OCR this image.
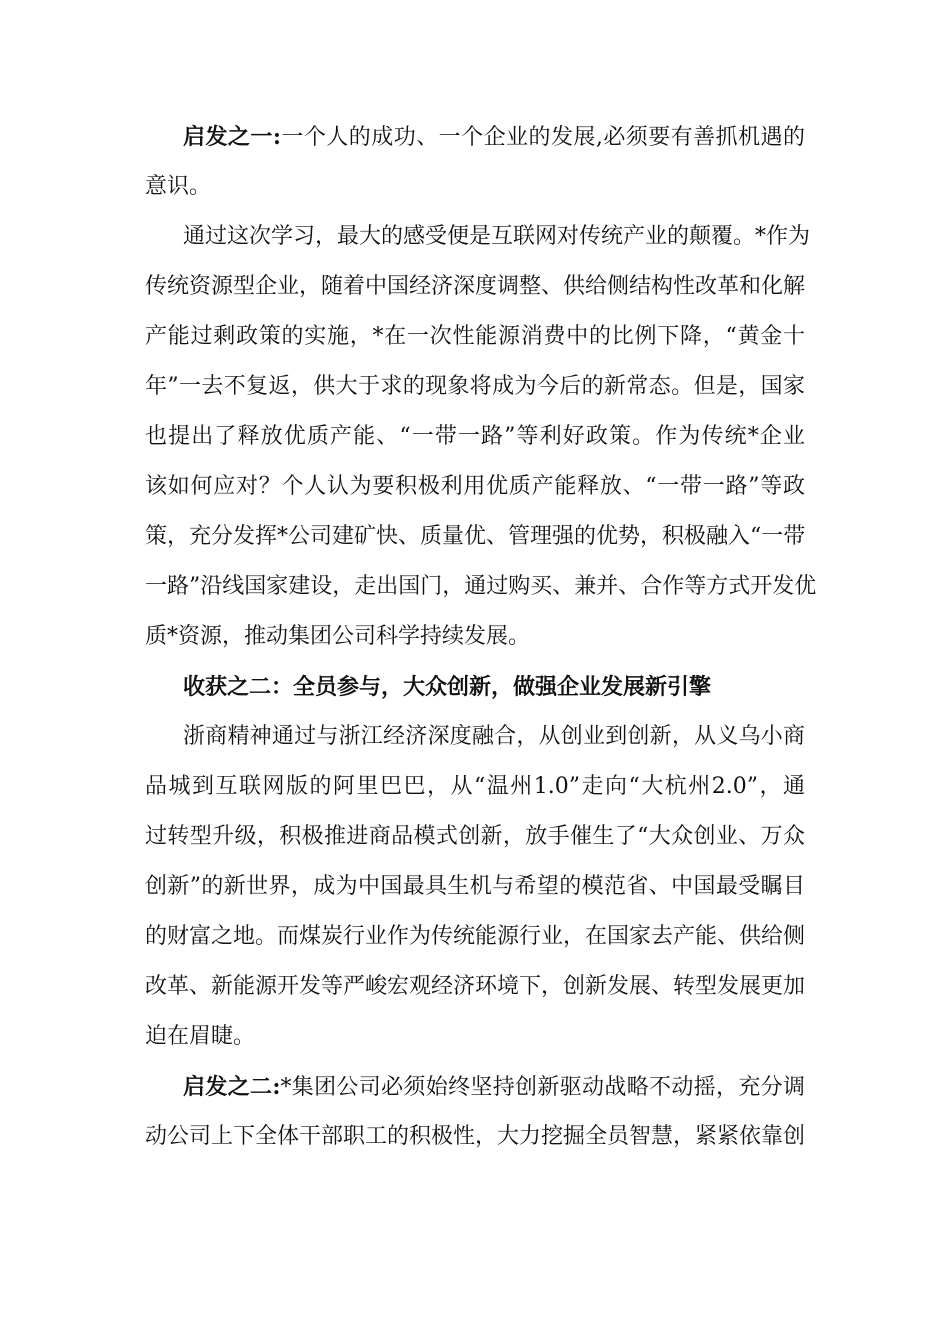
启发之一:一个人的成功、一个企业的发展,必须要有善抓机遇的
意识。
通过这次学习，最大的感受便是互联网对传统产业的颠覆。*作为
传统资源型企业，随着中国经济深度调整、供给侧结构性改革和化解
产能过剩政策的实施，*在一次性能源消费中的比例下降，“黄金十
年”一去不复返，供大于求的现象将成为今后的新常态。但是，国家
也提出了释放优质产能、“一带一路”等利好政策。作为传统*企业
该如何应对？个人认为要积极利用优质产能释放、“一带一路”等政
策，充分发挥*公司建矿快、质量优、管理强的优势，积极融入“一带
一路”沿线国家建设，走出国门，通过购买、兼并、合作等方式开发优
质*资源，推动集团公司科学持续发展。
收获之二：全员参与，大众创新，做强企业发展新引擎
浙商精神通过与浙江经济深度融合，从创业到创新，从义乌小商
品城到互联网版的阿里巴巴，从“温州1.0”走向“大杭州2.0”，通
过转型升级，积极推进商品模式创新，放手催生了“大众创业、万众
创新”的新世界，成为中国最具生机与希望的模范省、中国最受瞩目
的财富之地。而煤炭行业作为传统能源行业，在国家去产能、供给侧
改革、新能源开发等严峻宏观经济环境下，创新发展、转型发展更加
迫在眉睫。
启发之二:*集团公司必须始终坚持创新驱动战略不动摇，充分调
动公司上下全体干部职工的积极性，大力挖掘全员智慧，紧紧依靠创
